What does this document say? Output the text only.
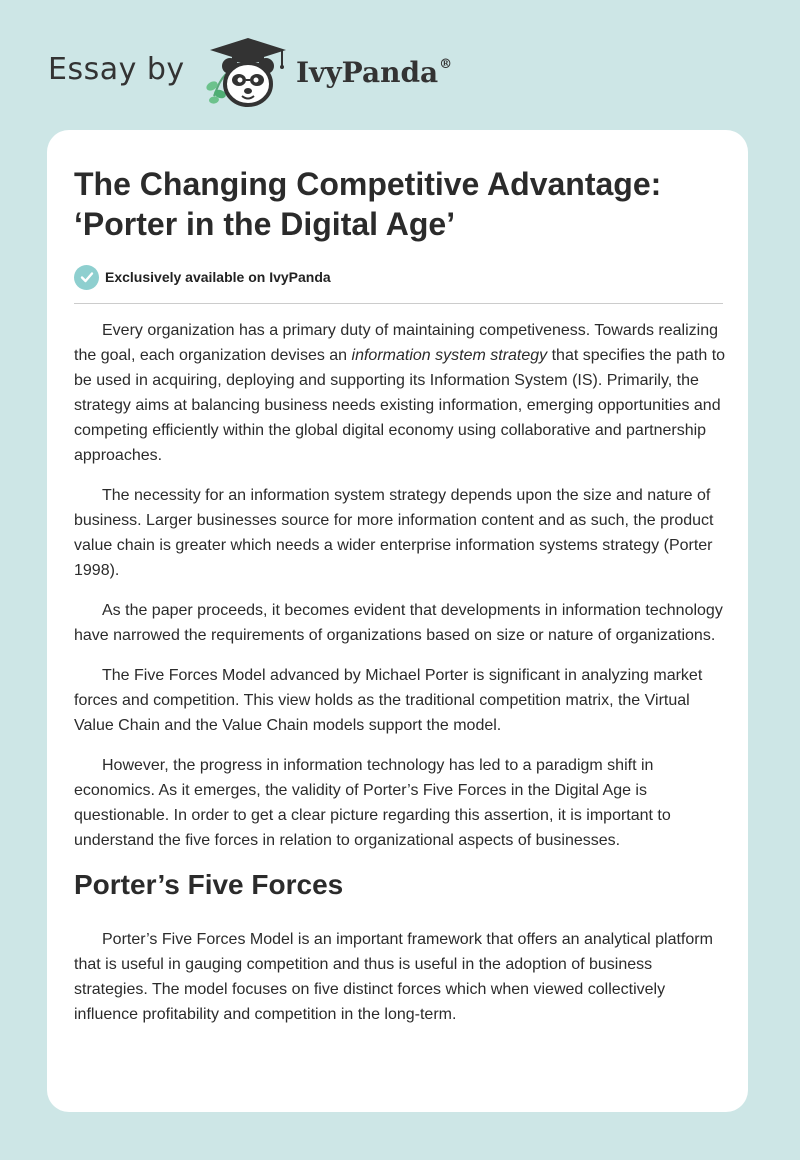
Essay by	IvyPanda®
The Changing Competitive Advantage:
‘Porter in the Digital Age’
Exclusively available on IvyPanda

Every organization has a primary duty of maintaining competiveness. Towards realizing the goal, each organization devises an information system strategy that specifies the path to be used in acquiring, deploying and supporting its Information System (IS). Primarily, the strategy aims at balancing business needs existing information, emerging opportunities and competing efficiently within the global digital economy using collaborative and partnership approaches.

The necessity for an information system strategy depends upon the size and nature of business. Larger businesses source for more information content and as such, the product value chain is greater which needs a wider enterprise information systems strategy (Porter 1998).

As the paper proceeds, it becomes evident that developments in information technology have narrowed the requirements of organizations based on size or nature of organizations.

The Five Forces Model advanced by Michael Porter is significant in analyzing market forces and competition. This view holds as the traditional competition matrix, the Virtual Value Chain and the Value Chain models support the model.

However, the progress in information technology has led to a paradigm shift in economics. As it emerges, the validity of Porter’s Five Forces in the Digital Age is questionable. In order to get a clear picture regarding this assertion, it is important to understand the five forces in relation to organizational aspects of businesses.

Porter’s Five Forces

Porter’s Five Forces Model is an important framework that offers an analytical platform that is useful in gauging competition and thus is useful in the adoption of business strategies. The model focuses on five distinct forces which when viewed collectively influence profitability and competition in the long-term.
